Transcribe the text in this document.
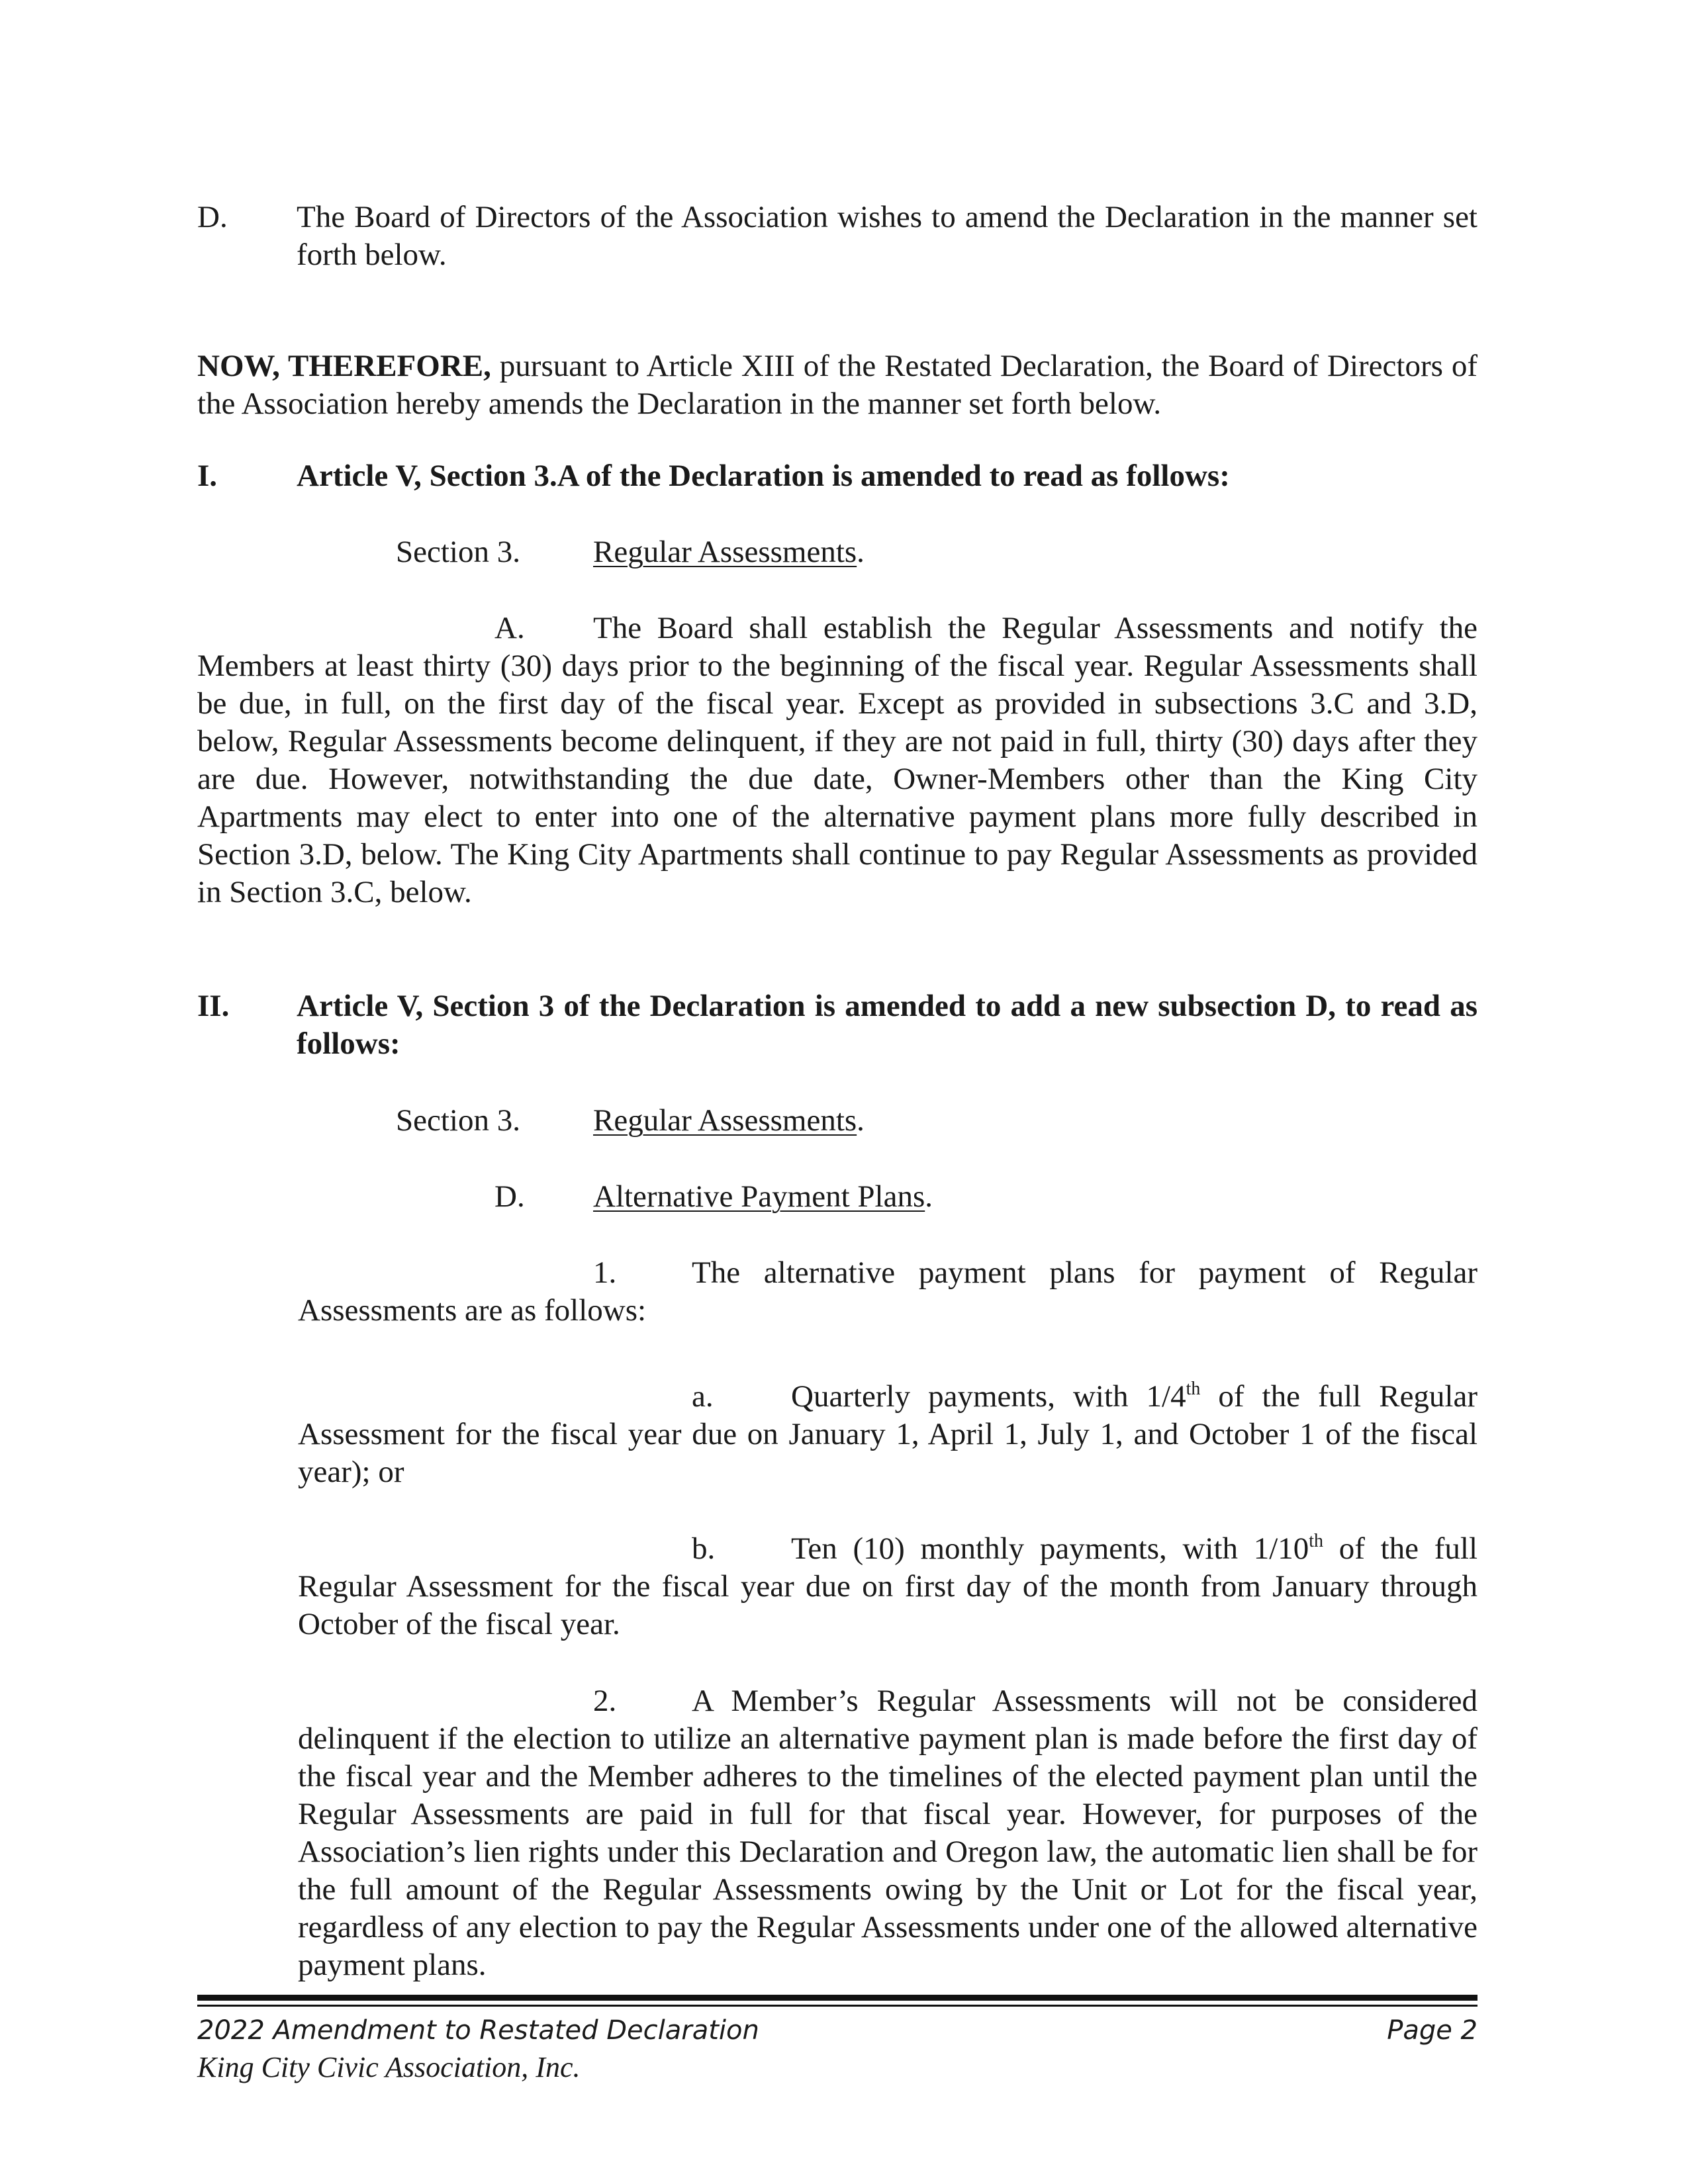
D. The Board of Directors of the Association wishes to amend the Declaration in the manner set forth below.
NOW, THEREFORE, pursuant to Article XIII of the Restated Declaration, the Board of Directors of the Association hereby amends the Declaration in the manner set forth below.
I.	Article V, Section 3.A of the Declaration is amended to read as follows:
Section 3. Regular Assessments.
A. The Board shall establish the Regular Assessments and notify the
Members at least thirty (30) days prior to the beginning of the fiscal year. Regular Assessments shall be due, in full, on the first day of the fiscal year. Except as provided in subsections 3.C and 3.D, below, Regular Assessments become delinquent, if they are not paid in full, thirty (30) days after they are due. However, notwithstanding the due date, Owner-Members other than the King City Apartments may elect to enter into one of the alternative payment plans more fully described in Section 3.D, below. The King City Apartments shall continue to pay Regular Assessments as provided in Section 3.C, below.
II. Article V, Section 3 of the Declaration is amended to add a new subsection D, to read as follows:
Section 3. Regular Assessments.
D. Alternative Payment Plans.
1. The alternative payment plans for payment of Regular
Assessments are as follows:
a. Quarterly payments, with 1/4th of the full Regular
Assessment for the fiscal year due on January 1, April 1, July 1, and October 1 of the fiscal year); or
b. Ten (10) monthly payments, with 1/10th of the full
Regular Assessment for the fiscal year due on first day of the month from January through October of the fiscal year.
2. A Member’s Regular Assessments will not be considered
delinquent if the election to utilize an alternative payment plan is made before the first day of the fiscal year and the Member adheres to the timelines of the elected payment plan until the Regular Assessments are paid in full for that fiscal year. However, for purposes of the Association’s lien rights under this Declaration and Oregon law, the automatic lien shall be for the full amount of the Regular Assessments owing by the Unit or Lot for the fiscal year, regardless of any election to pay the Regular Assessments under one of the allowed alternative payment plans.
2022 Amendment to Restated Declaration
King City Civic Association, Inc.
Page 2
